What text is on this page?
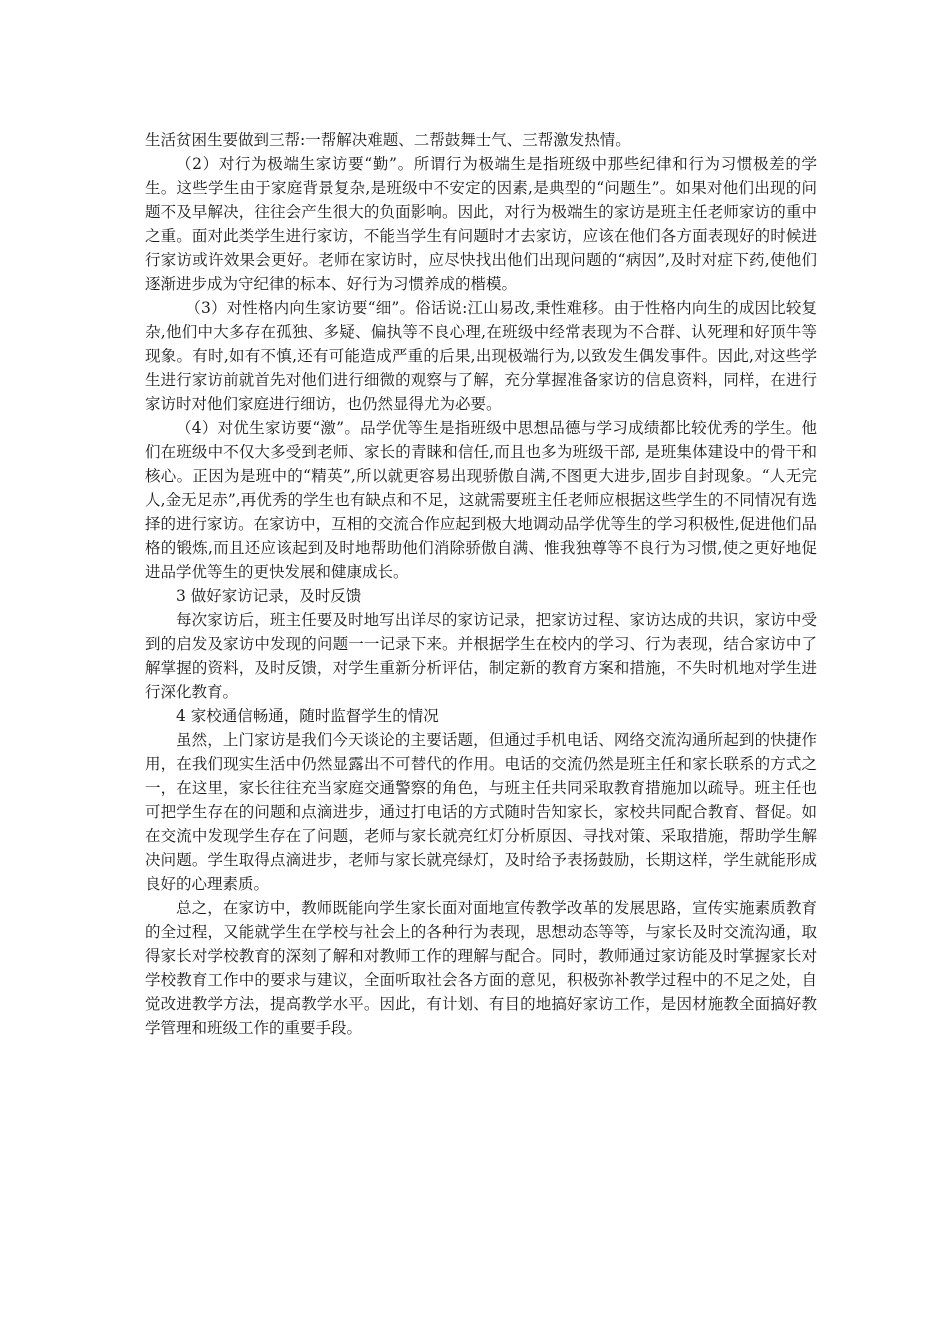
生活贫困生要做到三帮:一帮解决难题、二帮鼓舞士气、三帮激发热情。

（2）对行为极端生家访要“勤”。所谓行为极端生是指班级中那些纪律和行为习惯极差的学生。这些学生由于家庭背景复杂,是班级中不安定的因素,是典型的“问题生”。如果对他们出现的问题不及早解决，往往会产生很大的负面影响。因此，对行为极端生的家访是班主任老师家访的重中之重。面对此类学生进行家访，不能当学生有问题时才去家访，应该在他们各方面表现好的时候进行家访或许效果会更好。老师在家访时，应尽快找出他们出现问题的“病因”,及时对症下药,使他们逐渐进步成为守纪律的标本、好行为习惯养成的楷模。

（3）对性格内向生家访要“细”。俗话说:江山易改,秉性难移。由于性格内向生的成因比较复杂,他们中大多存在孤独、多疑、偏执等不良心理,在班级中经常表现为不合群、认死理和好顶牛等现象。有时,如有不慎,还有可能造成严重的后果,出现极端行为,以致发生偶发事件。因此,对这些学生进行家访前就首先对他们进行细微的观察与了解，充分掌握准备家访的信息资料，同样，在进行家访时对他们家庭进行细访，也仍然显得尤为必要。

（4）对优生家访要“激”。品学优等生是指班级中思想品德与学习成绩都比较优秀的学生。他们在班级中不仅大多受到老师、家长的青睐和信任,而且也多为班级干部, 是班集体建设中的骨干和核心。正因为是班中的“精英”,所以就更容易出现骄傲自满,不图更大进步,固步自封现象。“人无完人,金无足赤”,再优秀的学生也有缺点和不足，这就需要班主任老师应根据这些学生的不同情况有选择的进行家访。在家访中，互相的交流合作应起到极大地调动品学优等生的学习积极性,促进他们品格的锻炼,而且还应该起到及时地帮助他们消除骄傲自满、惟我独尊等不良行为习惯,使之更好地促进品学优等生的更快发展和健康成长。

3 做好家访记录，及时反馈

每次家访后，班主任要及时地写出详尽的家访记录，把家访过程、家访达成的共识，家访中受到的启发及家访中发现的问题一一记录下来。并根据学生在校内的学习、行为表现，结合家访中了解掌握的资料，及时反馈，对学生重新分析评估，制定新的教育方案和措施，不失时机地对学生进行深化教育。

4 家校通信畅通，随时监督学生的情况

虽然，上门家访是我们今天谈论的主要话题，但通过手机电话、网络交流沟通所起到的快捷作用，在我们现实生活中仍然显露出不可替代的作用。电话的交流仍然是班主任和家长联系的方式之一，在这里，家长往往充当家庭交通警察的角色，与班主任共同采取教育措施加以疏导。班主任也可把学生存在的问题和点滴进步，通过打电话的方式随时告知家长，家校共同配合教育、督促。如在交流中发现学生存在了问题，老师与家长就亮红灯分析原因、寻找对策、采取措施，帮助学生解决问题。学生取得点滴进步，老师与家长就亮绿灯，及时给予表扬鼓励，长期这样，学生就能形成良好的心理素质。

总之，在家访中，教师既能向学生家长面对面地宣传教学改革的发展思路，宣传实施素质教育的全过程，又能就学生在学校与社会上的各种行为表现，思想动态等等，与家长及时交流沟通，取得家长对学校教育的深刻了解和对教师工作的理解与配合。同时，教师通过家访能及时掌握家长对学校教育工作中的要求与建议，全面听取社会各方面的意见，积极弥补教学过程中的不足之处，自觉改进教学方法，提高教学水平。因此，有计划、有目的地搞好家访工作，是因材施教全面搞好教学管理和班级工作的重要手段。
